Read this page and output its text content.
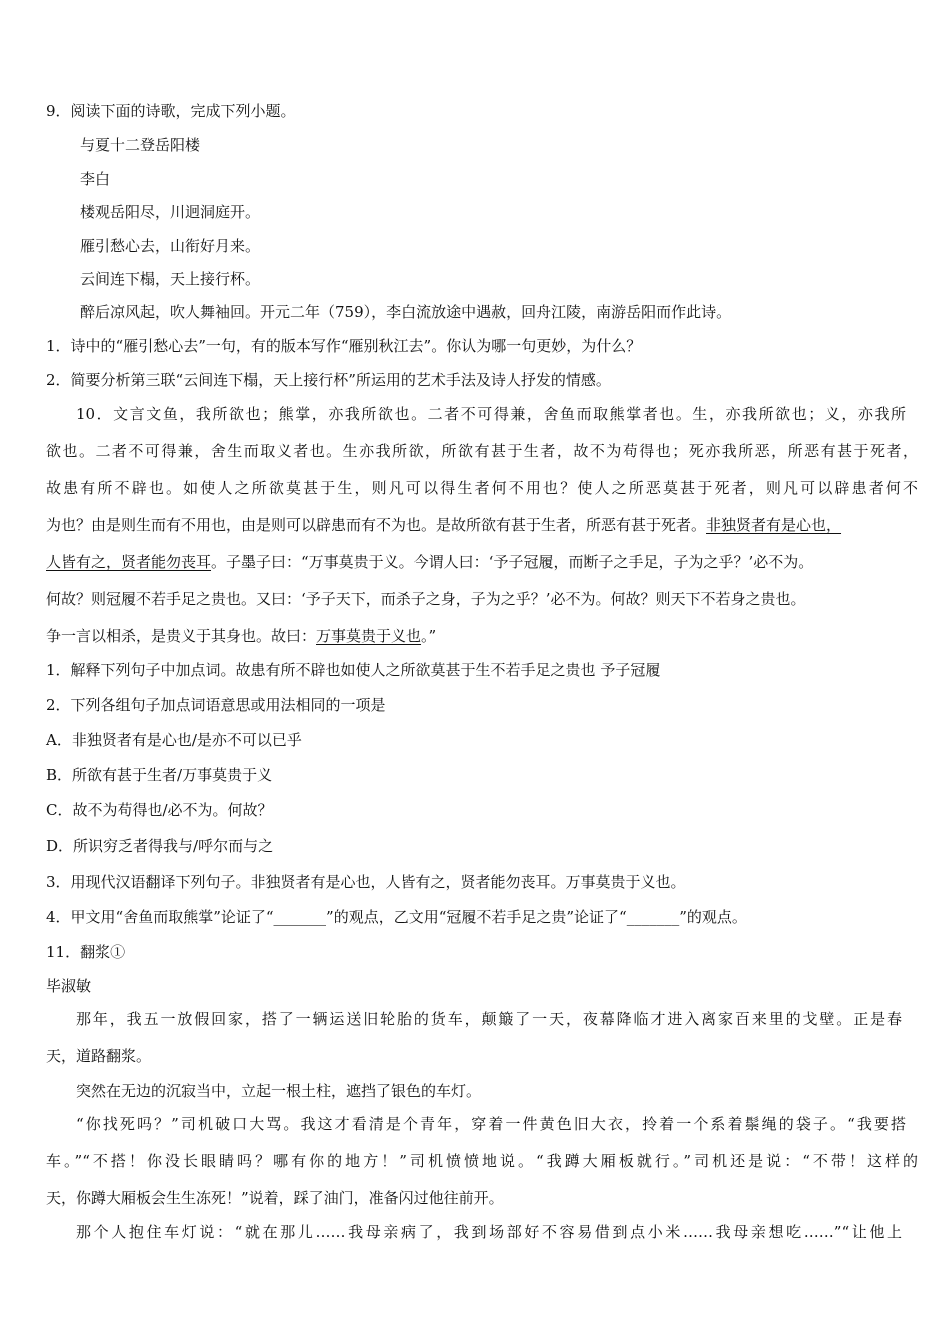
9．阅读下面的诗歌，完成下列小题。
与夏十二登岳阳楼
李白
楼观岳阳尽，川迥洞庭开。
雁引愁心去，山衔好月来。
云间连下榻，天上接行杯。
醉后凉风起，吹人舞袖回。开元二年（759），李白流放途中遇赦，回舟江陵，南游岳阳而作此诗。
1．诗中的“雁引愁心去”一句，有的版本写作“雁别秋江去”。你认为哪一句更妙，为什么？
2．简要分析第三联“云间连下榻，天上接行杯”所运用的艺术手法及诗人抒发的情感。
10．文言文鱼，我所欲也；熊掌，亦我所欲也。二者不可得兼，舍鱼而取熊掌者也。生，亦我所欲也；义，亦我所
欲也。二者不可得兼，舍生而取义者也。生亦我所欲，所欲有甚于生者，故不为苟得也；死亦我所恶，所恶有甚于死者，
故患有所不辟也。如使人之所欲莫甚于生，则凡可以得生者何不用也？使人之所恶莫甚于死者，则凡可以辟患者何不
为也？由是则生而有不用也，由是则可以辟患而有不为也。是故所欲有甚于生者，所恶有甚于死者。非独贤者有是心也，
人皆有之，贤者能勿丧耳。子墨子曰：“万事莫贵于义。今谓人曰：‘予子冠履，而断子之手足，子为之乎？’必不为。
何故？则冠履不若手足之贵也。又曰：‘予子天下，而杀子之身，子为之乎？’必不为。何故？则天下不若身之贵也。
争一言以相杀，是贵义于其身也。故曰：万事莫贵于义也。”
1．解释下列句子中加点词。故患有所不辟也如使人之所欲莫甚于生不若手足之贵也 予子冠履
2．下列各组句子加点词语意思或用法相同的一项是
A．非独贤者有是心也/是亦不可以已乎
B．所欲有甚于生者/万事莫贵于义
C．故不为苟得也/必不为。何故？
D．所识穷乏者得我与/呼尔而与之
3．用现代汉语翻译下列句子。非独贤者有是心也，人皆有之，贤者能勿丧耳。万事莫贵于义也。
4．甲文用“舍鱼而取熊掌”论证了“_______”的观点，乙文用“冠履不若手足之贵”论证了“_______”的观点。
11．翻浆①
毕淑敏
那年，我五一放假回家，搭了一辆运送旧轮胎的货车，颠簸了一天，夜幕降临才进入离家百来里的戈壁。正是春
天，道路翻浆。
突然在无边的沉寂当中，立起一根土柱，遮挡了银色的车灯。
“你找死吗？”司机破口大骂。我这才看清是个青年，穿着一件黄色旧大衣，拎着一个系着鬃绳的袋子。“我要搭
车。”“不搭！你没长眼睛吗？哪有你的地方！”司机愤愤地说。“我蹲大厢板就行。”司机还是说：“不带！这样的
天，你蹲大厢板会生生冻死！”说着，踩了油门，准备闪过他往前开。
那个人抱住车灯说：“就在那儿……我母亲病了，我到场部好不容易借到点小米……我母亲想吃……”“让他上
